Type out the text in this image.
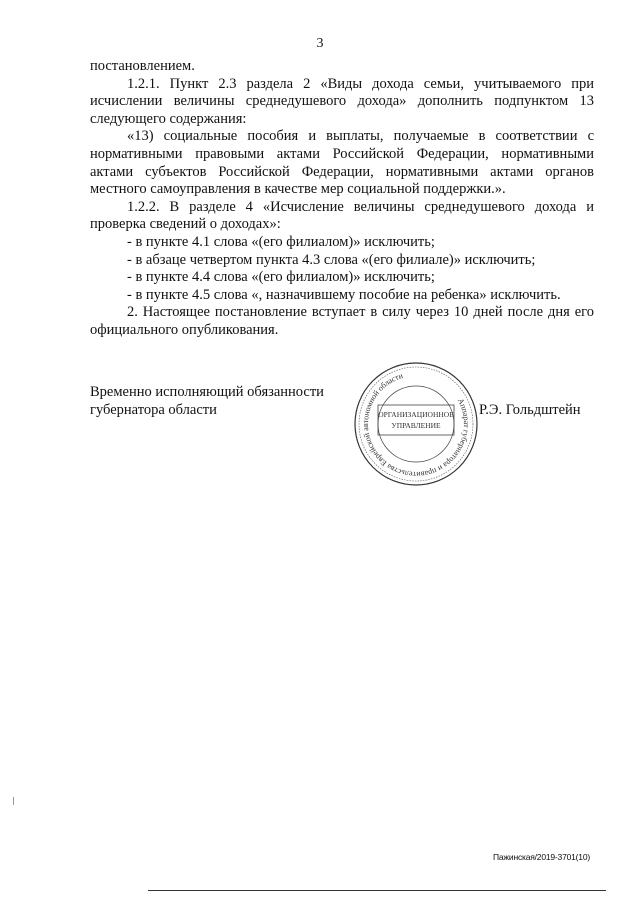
3

постановлением.

1.2.1. Пункт 2.3 раздела 2 «Виды дохода семьи, учитываемого при исчислении величины среднедушевого дохода» дополнить подпунктом 13 следующего содержания:

«13) социальные пособия и выплаты, получаемые в соответствии с нормативными правовыми актами Российской Федерации, нормативными актами субъектов Российской Федерации, нормативными актами органов местного самоуправления в качестве мер социальной поддержки.».

1.2.2. В разделе 4 «Исчисление величины среднедушевого дохода и проверка сведений о доходах»:

- в пункте 4.1 слова «(его филиалом)» исключить;

- в абзаце четвертом пункта 4.3 слова «(его филиале)» исключить;

- в пункте 4.4 слова «(его филиалом)» исключить;

- в пункте 4.5 слова «, назначившему пособие на ребенка» исключить.

2. Настоящее постановление вступает в силу через 10 дней после дня его официального опубликования.

Временно исполняющий обязанности
губернатора области
Аппарат губернатора и правительства Еврейской автономной области
ОРГАНИЗАЦИОННОЕ
УПРАВЛЕНИЕ
Р.Э. Гольдштейн
Пажинская/2019-3701(10)
